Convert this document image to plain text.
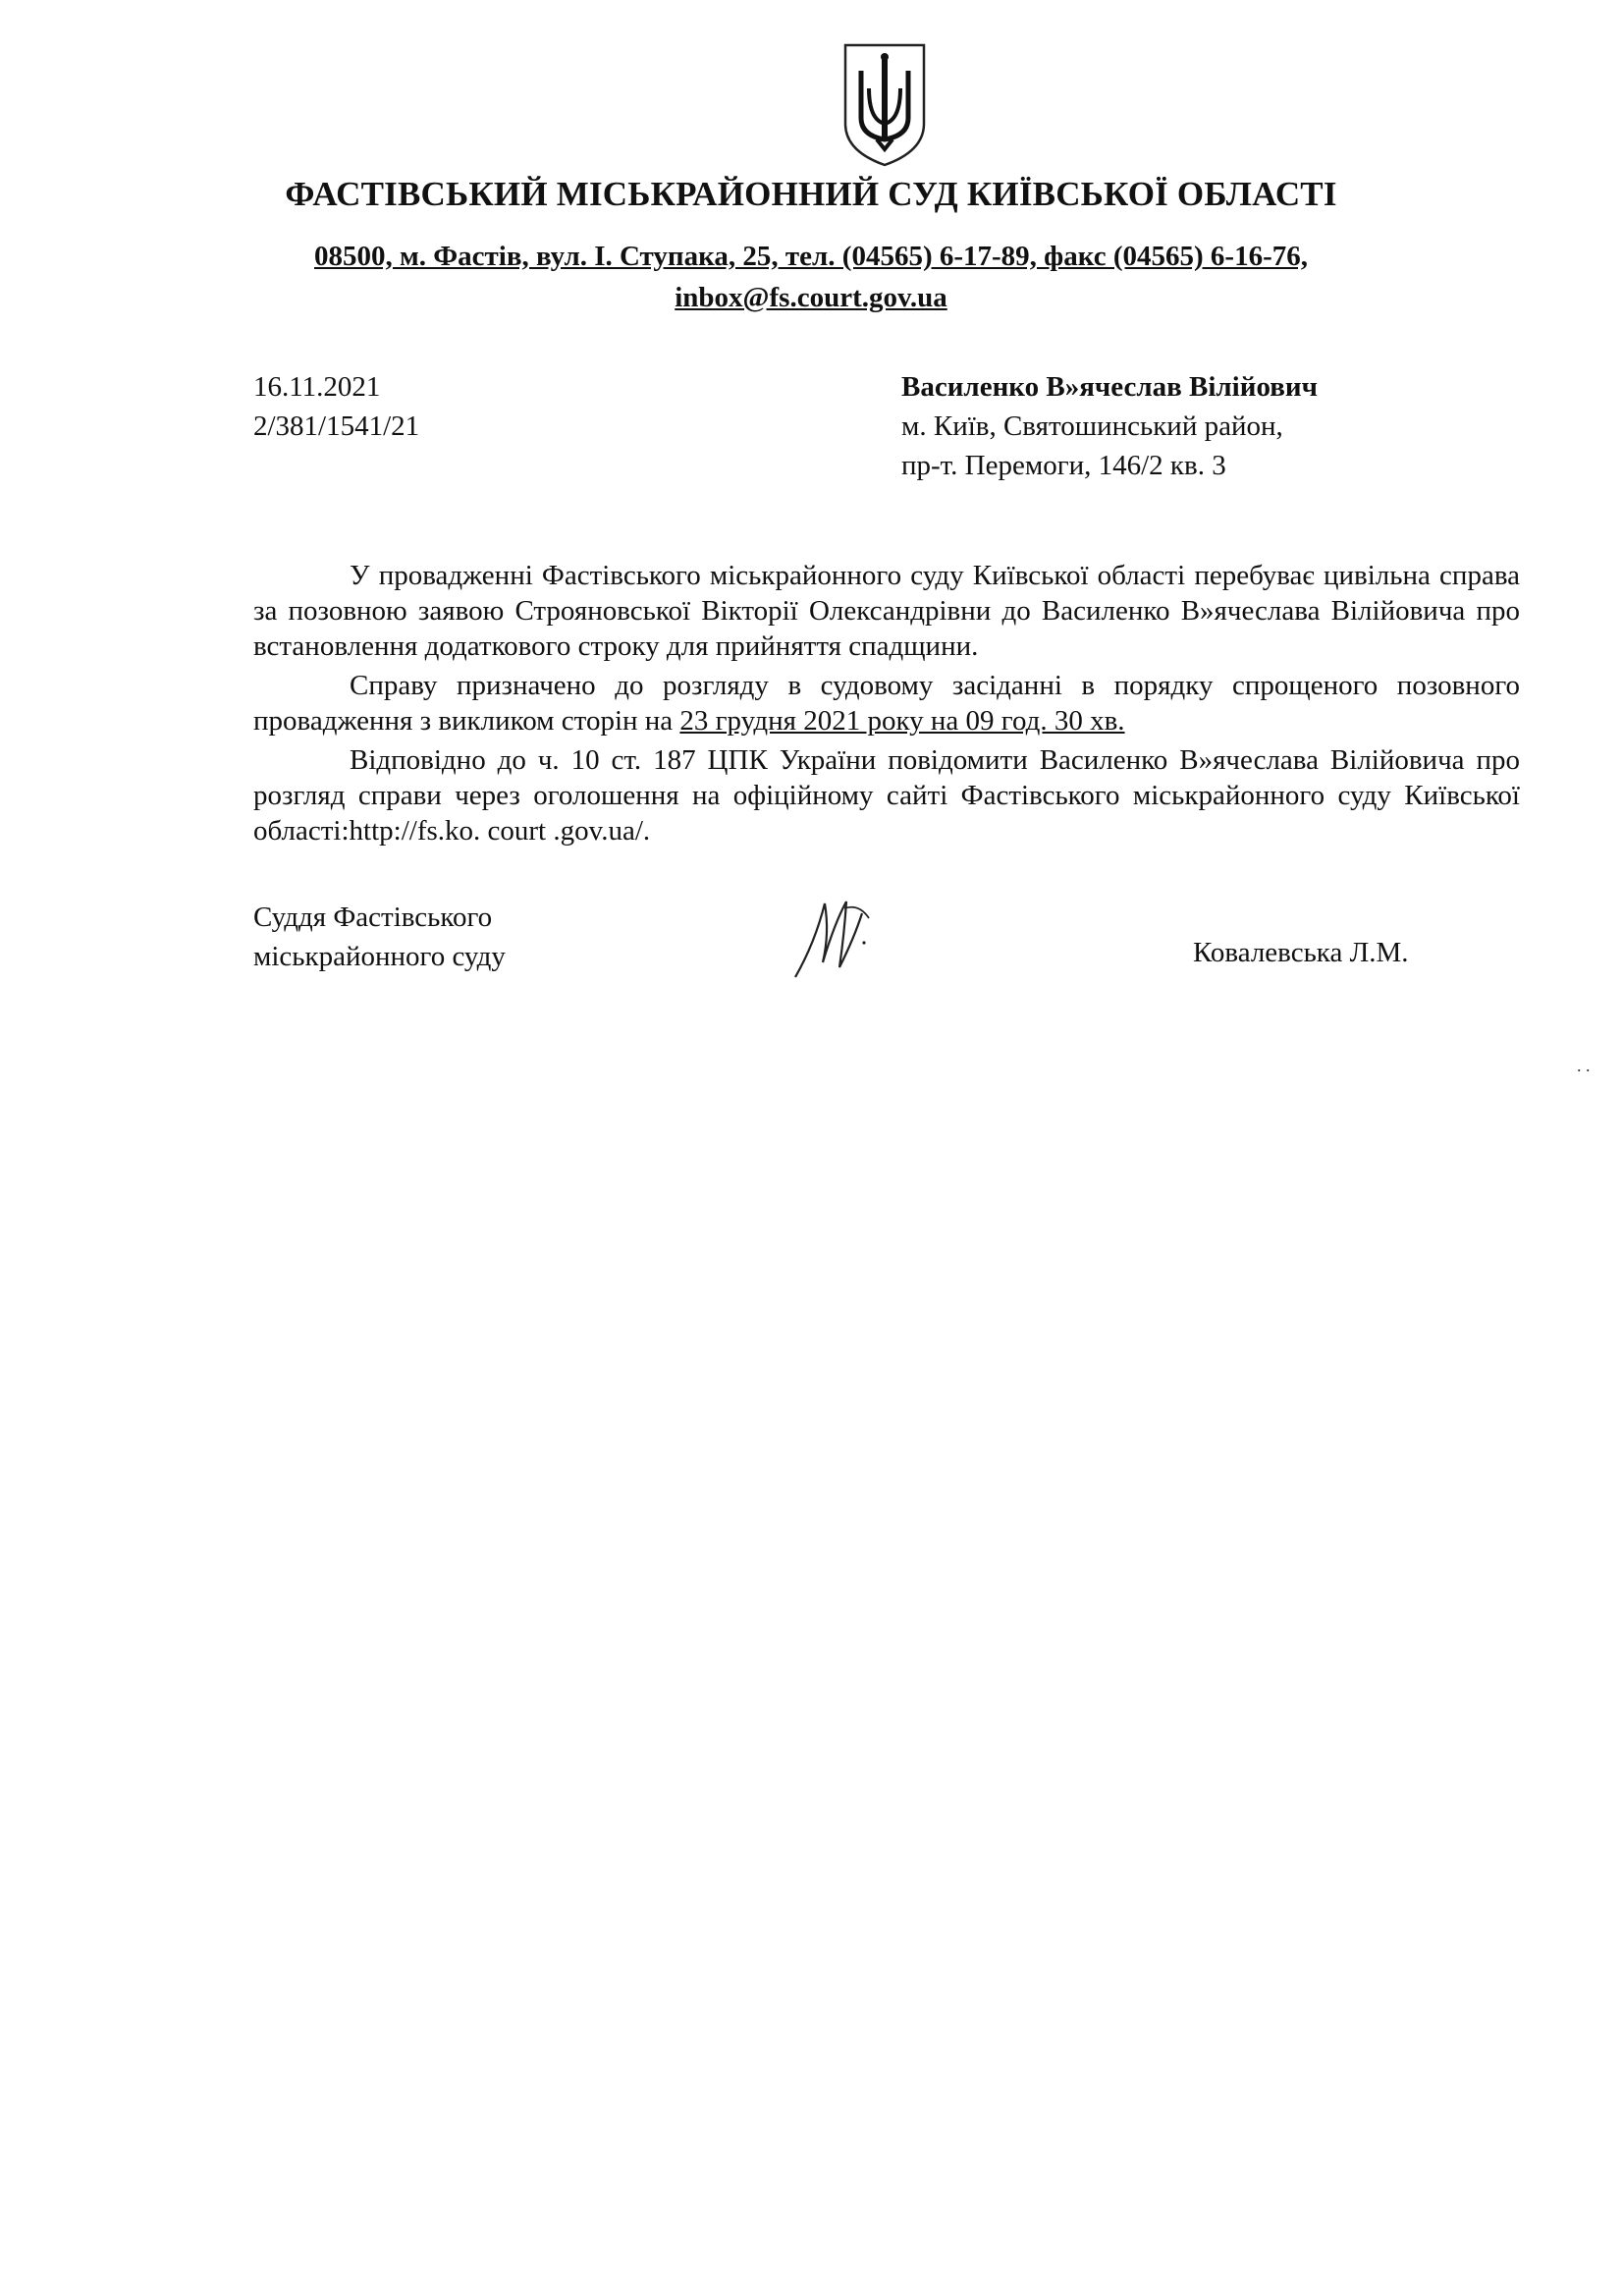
ФАСТІВСЬКИЙ МІСЬКРАЙОННИЙ СУД КИЇВСЬКОЇ ОБЛАСТІ
08500, м. Фастів, вул. І. Ступака, 25, тел. (04565) 6-17-89, факс (04565) 6-16-76,
inbox@fs.court.gov.ua
16.11.2021
2/381/1541/21
Василенко В»ячеслав Вілійович
м. Київ, Святошинський район,
пр-т. Перемоги, 146/2 кв. 3

У провадженні Фастівського міськрайонного суду Київської області перебуває цивільна справа за позовною заявою Строяновської Вікторії Олександрівни до Василенко В»ячеслава Вілійовича про встановлення додаткового строку для прийняття спадщини.

Справу призначено до розгляду в судовому засіданні в порядку спрощеного позовного провадження з викликом сторін на 23 грудня 2021 року на 09 год. 30 хв.

Відповідно до ч. 10 ст. 187 ЦПК України повідомити Василенко В»ячеслава Вілійовича про розгляд справи через оголошення на офіційному сайті Фастівського міськрайонного суду Київської області:http://fs.ko. court .gov.ua/.

Суддя Фастівського
міськрайонного суду	Ковалевська Л.М.
. .
